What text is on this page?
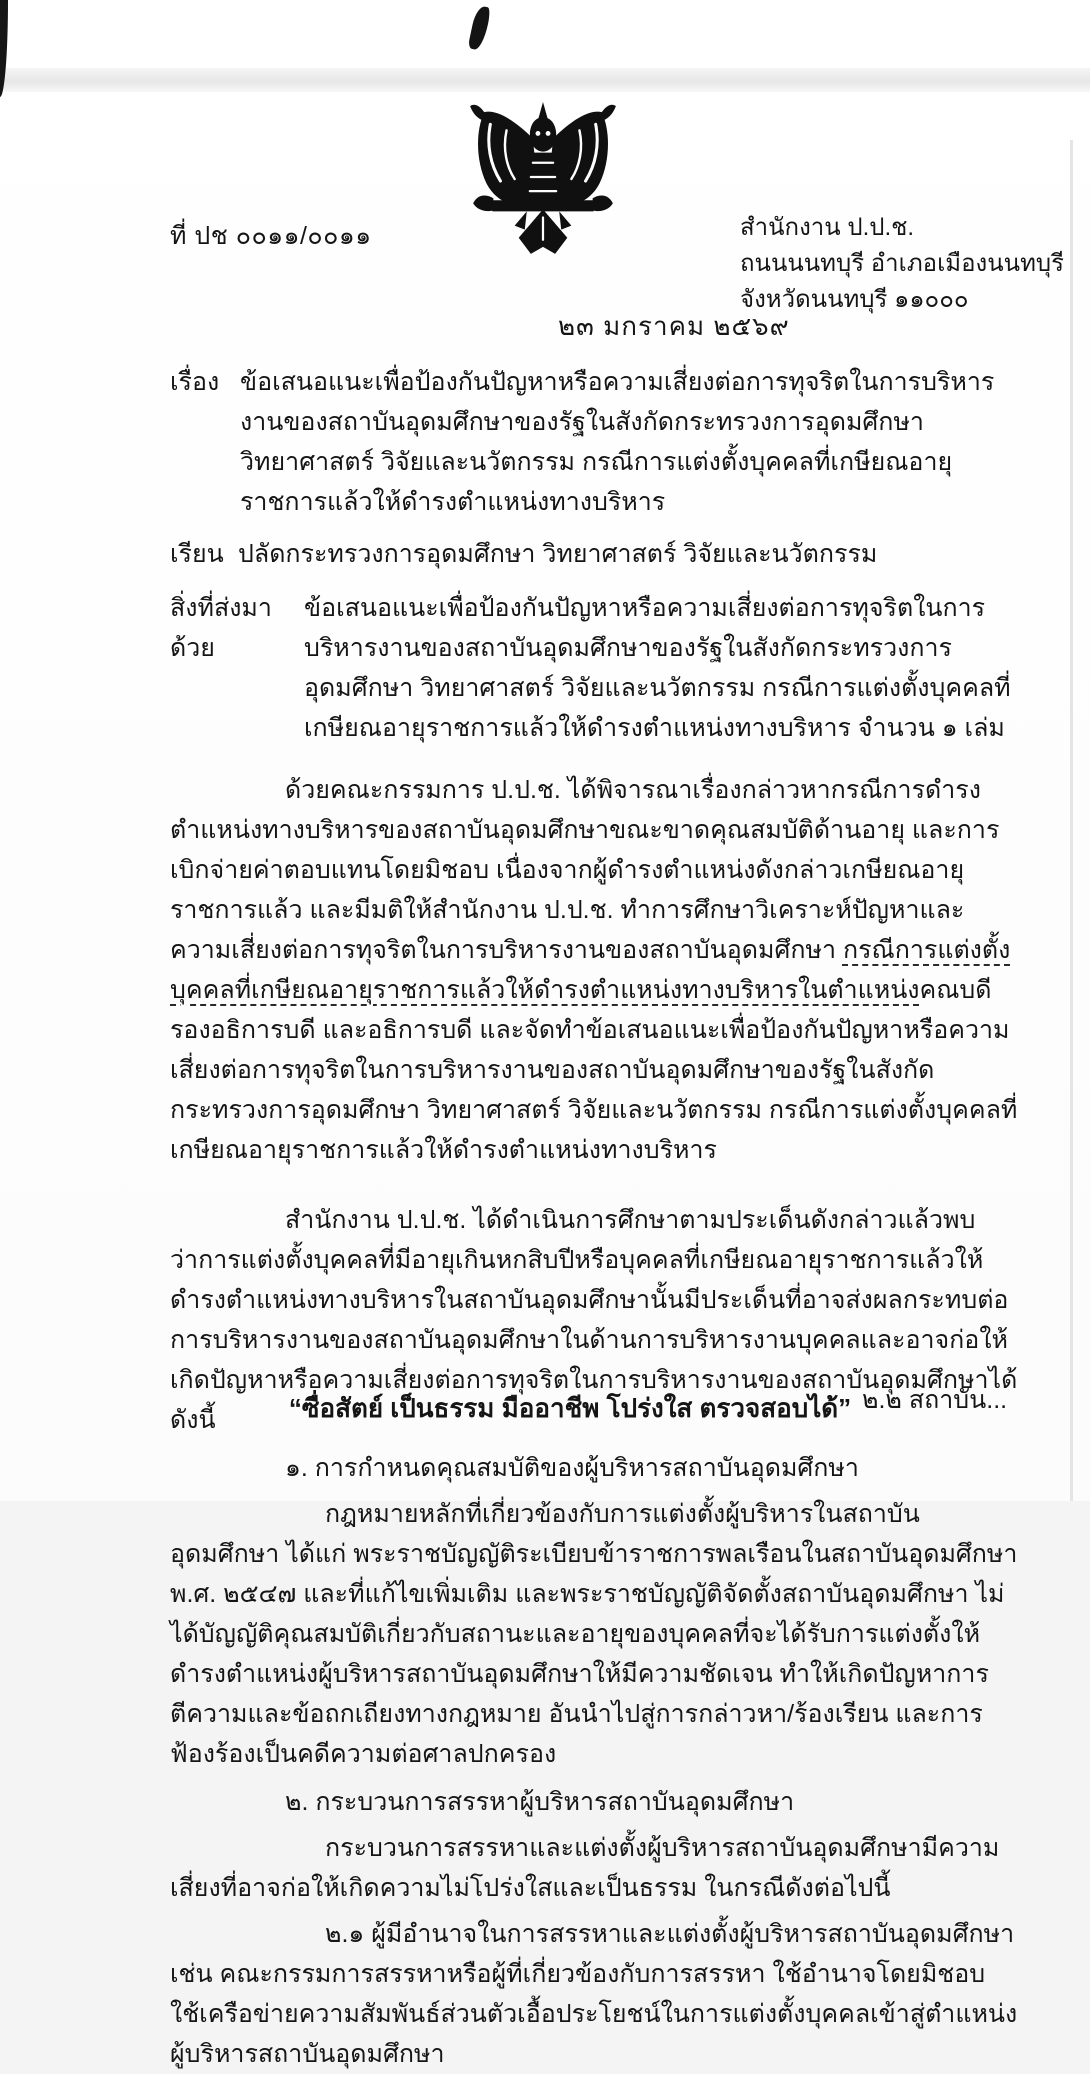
ที่ ปช ๐๐๑๑/๐๐๑๑	สำนักงาน ป.ป.ช.
ถนนนนทบุรี อำเภอเมืองนนทบุรี
จังหวัดนนทบุรี ๑๑๐๐๐
๒๓ มกราคม ๒๕๖๙
เรื่อง ข้อเสนอแนะเพื่อป้องกันปัญหาหรือความเสี่ยงต่อการทุจริตในการบริหารงานของสถาบันอุดมศึกษาของรัฐในสังกัดกระทรวงการอุดมศึกษา วิทยาศาสตร์ วิจัยและนวัตกรรม กรณีการแต่งตั้งบุคคลที่เกษียณอายุราชการแล้วให้ดำรงตำแหน่งทางบริหาร
เรียน ปลัดกระทรวงการอุดมศึกษา วิทยาศาสตร์ วิจัยและนวัตกรรม
สิ่งที่ส่งมาด้วย
ข้อเสนอแนะเพื่อป้องกันปัญหาหรือความเสี่ยงต่อการทุจริตในการบริหารงานของสถาบันอุดมศึกษาของรัฐในสังกัดกระทรวงการอุดมศึกษา วิทยาศาสตร์ วิจัยและนวัตกรรม กรณีการแต่งตั้งบุคคลที่เกษียณอายุราชการแล้วให้ดำรงตำแหน่งทางบริหาร จำนวน ๑ เล่ม

ด้วยคณะกรรมการ ป.ป.ช. ได้พิจารณาเรื่องกล่าวหากรณีการดำรงตำแหน่งทางบริหารของสถาบันอุดมศึกษาขณะขาดคุณสมบัติด้านอายุ และการเบิกจ่ายค่าตอบแทนโดยมิชอบ เนื่องจากผู้ดำรงตำแหน่งดังกล่าวเกษียณอายุราชการแล้ว และมีมติให้สำนักงาน ป.ป.ช. ทำการศึกษาวิเคราะห์ปัญหาและความเสี่ยงต่อการทุจริตในการบริหารงานของสถาบันอุดมศึกษา กรณีการแต่งตั้งบุคคลที่เกษียณอายุราชการแล้วให้ดำรงตำแหน่งทางบริหารในตำแหน่งคณบดี รองอธิการบดี และอธิการบดี และจัดทำข้อเสนอแนะเพื่อป้องกันปัญหาหรือความเสี่ยงต่อการทุจริตในการบริหารงานของสถาบันอุดมศึกษาของรัฐในสังกัดกระทรวงการอุดมศึกษา วิทยาศาสตร์ วิจัยและนวัตกรรม กรณีการแต่งตั้งบุคคลที่เกษียณอายุราชการแล้วให้ดำรงตำแหน่งทางบริหาร

สำนักงาน ป.ป.ช. ได้ดำเนินการศึกษาตามประเด็นดังกล่าวแล้วพบว่าการแต่งตั้งบุคคลที่มีอายุเกินหกสิบปีหรือบุคคลที่เกษียณอายุราชการแล้วให้ดำรงตำแหน่งทางบริหารในสถาบันอุดมศึกษานั้นมีประเด็นที่อาจส่งผลกระทบต่อการบริหารงานของสถาบันอุดมศึกษาในด้านการบริหารงานบุคคลและอาจก่อให้เกิดปัญหาหรือความเสี่ยงต่อการทุจริตในการบริหารงานของสถาบันอุดมศึกษาได้ ดังนี้

๑. การกำหนดคุณสมบัติของผู้บริหารสถาบันอุดมศึกษา

กฎหมายหลักที่เกี่ยวข้องกับการแต่งตั้งผู้บริหารในสถาบันอุดมศึกษา ได้แก่ พระราชบัญญัติระเบียบข้าราชการพลเรือนในสถาบันอุดมศึกษา พ.ศ. ๒๕๔๗ และที่แก้ไขเพิ่มเติม และพระราชบัญญัติจัดตั้งสถาบันอุดมศึกษา ไม่ได้บัญญัติคุณสมบัติเกี่ยวกับสถานะและอายุของบุคคลที่จะได้รับการแต่งตั้งให้ดำรงตำแหน่งผู้บริหารสถาบันอุดมศึกษาให้มีความชัดเจน ทำให้เกิดปัญหาการตีความและข้อถกเถียงทางกฎหมาย อันนำไปสู่การกล่าวหา/ร้องเรียน และการฟ้องร้องเป็นคดีความต่อศาลปกครอง

๒. กระบวนการสรรหาผู้บริหารสถาบันอุดมศึกษา

กระบวนการสรรหาและแต่งตั้งผู้บริหารสถาบันอุดมศึกษามีความเสี่ยงที่อาจก่อให้เกิดความไม่โปร่งใสและเป็นธรรม ในกรณีดังต่อไปนี้

๒.๑ ผู้มีอำนาจในการสรรหาและแต่งตั้งผู้บริหารสถาบันอุดมศึกษา เช่น คณะกรรมการสรรหาหรือผู้ที่เกี่ยวข้องกับการสรรหา ใช้อำนาจโดยมิชอบ ใช้เครือข่ายความสัมพันธ์ส่วนตัวเอื้อประโยชน์ในการแต่งตั้งบุคคลเข้าสู่ตำแหน่งผู้บริหารสถาบันอุดมศึกษา

“ซื่อสัตย์ เป็นธรรม มืออาชีพ โปร่งใส ตรวจสอบได้” ๒.๒ สถาบัน...
